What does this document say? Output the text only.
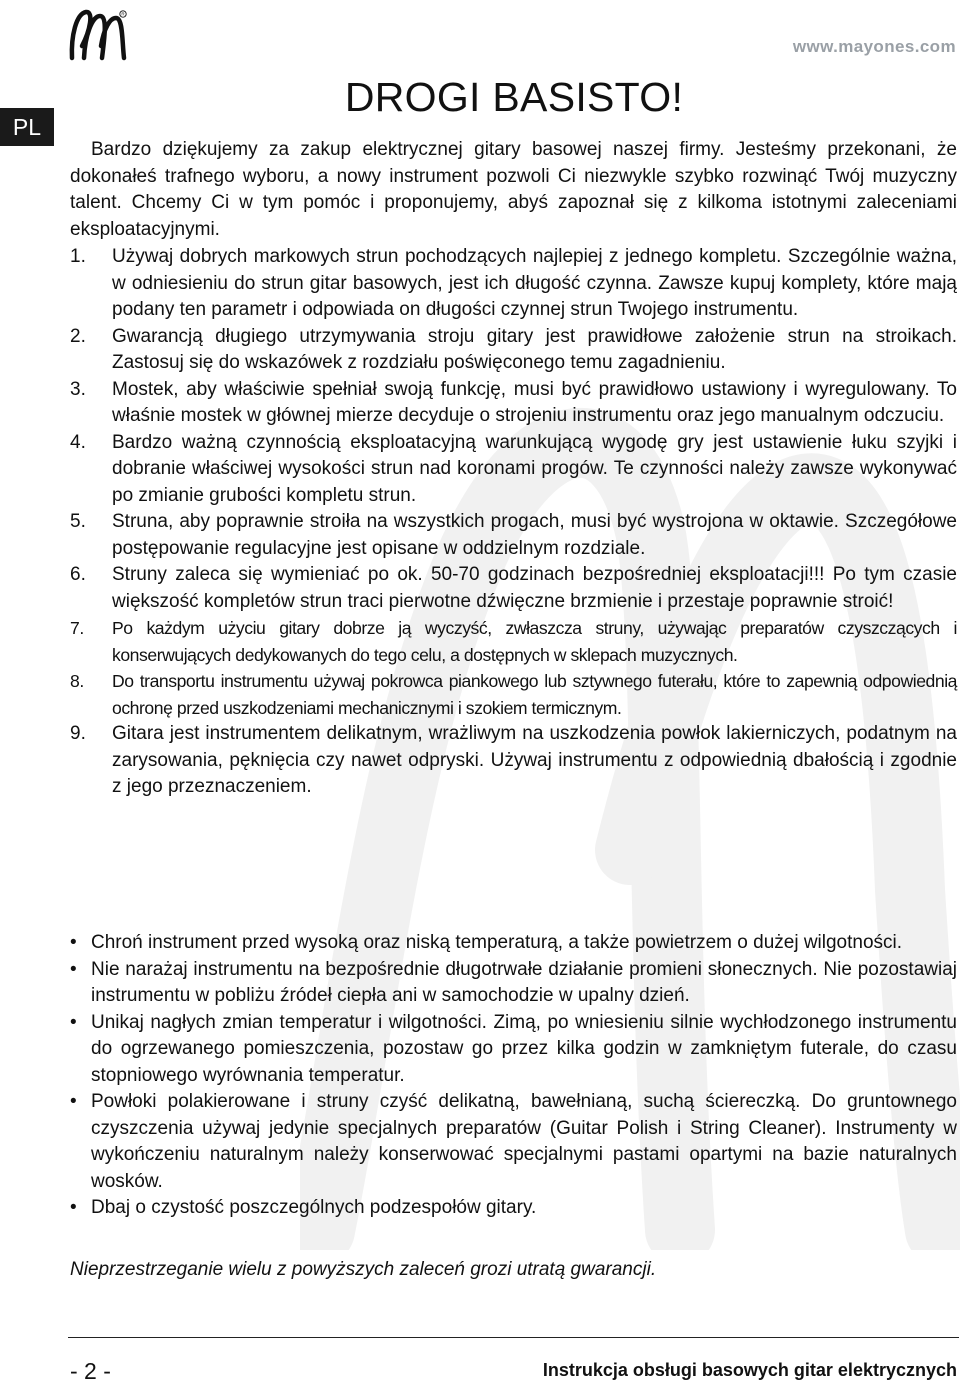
R
www.mayones.com
PL
DROGI BASISTO!

Bardzo dziękujemy za zakup elektrycznej gitary basowej naszej firmy. Jesteśmy przekonani, że dokonałeś trafnego wyboru, a nowy instrument pozwoli Ci niezwykle szybko rozwinąć Twój muzyczny talent. Chcemy Ci w tym pomóc i proponujemy, abyś zapoznał się z kilkoma istotnymi zaleceniami eksploatacyjnymi.

1. Używaj dobrych markowych strun pochodzących najlepiej z jednego kompletu. Szczególnie ważna, w odniesieniu do strun gitar basowych, jest ich długość czynna. Zawsze kupuj komplety, które mają podany ten parametr i odpowiada on długości czynnej strun Twojego instrumentu.
2. Gwarancją długiego utrzymywania stroju gitary jest prawidłowe założenie strun na stroikach. Zastosuj się do wskazówek z rozdziału poświęconego temu zagadnieniu.
3. Mostek, aby właściwie spełniał swoją funkcję, musi być prawidłowo ustawiony i wyregulowany. To właśnie mostek w głównej mierze decyduje o strojeniu instrumentu oraz jego manualnym odczuciu.
4. Bardzo ważną czynnością eksploatacyjną warunkującą wygodę gry jest ustawienie łuku szyjki i dobranie właściwej wysokości strun nad koronami progów. Te czynności należy zawsze wykonywać po zmianie grubości kompletu strun.
5. Struna, aby poprawnie stroiła na wszystkich progach, musi być wystrojona w oktawie. Szczegółowe postępowanie regulacyjne jest opisane w oddzielnym rozdziale.
6. Struny zaleca się wymieniać po ok. 50-70 godzinach bezpośredniej eksploatacji!!! Po tym czasie większość kompletów strun traci pierwotne dźwięczne brzmienie i przestaje poprawnie stroić!
7. Po każdym użyciu gitary dobrze ją wyczyść, zwłaszcza struny, używając preparatów czyszczących i konserwujących dedykowanych do tego celu, a dostępnych w sklepach muzycznych.
8. Do transportu instrumentu używaj pokrowca piankowego lub sztywnego futerału, które to zapewnią odpowiednią ochronę przed uszkodzeniami mechanicznymi i szokiem termicznym.
9. Gitara jest instrumentem delikatnym, wrażliwym na uszkodzenia powłok lakierniczych, podatnym na zarysowania, pęknięcia czy nawet odpryski. Używaj instrumentu z odpowiednią dbałością i zgodnie z jego przeznaczeniem.
• Chroń instrument przed wysoką oraz niską temperaturą, a także powietrzem o dużej wilgotności.
• Nie narażaj instrumentu na bezpośrednie długotrwałe działanie promieni słonecznych. Nie pozostawiaj instrumentu w pobliżu źródeł ciepła ani w samochodzie w upalny dzień.
• Unikaj nagłych zmian temperatur i wilgotności. Zimą, po wniesieniu silnie wychłodzonego instrumentu do ogrzewanego pomieszczenia, pozostaw go przez kilka godzin w zamkniętym futerale, do czasu stopniowego wyrównania temperatur.
• Powłoki polakierowane i struny czyść delikatną, bawełnianą, suchą ściereczką. Do gruntownego czyszczenia używaj jedynie specjalnych preparatów (Guitar Polish i String Cleaner). Instrumenty w wykończeniu naturalnym należy konserwować specjalnymi pastami opartymi na bazie naturalnych wosków.
• Dbaj o czystość poszczególnych podzespołów gitary.

Nieprzestrzeganie wielu z powyższych zaleceń grozi utratą gwarancji.

- 2 -	Instrukcja obsługi basowych gitar elektrycznych
